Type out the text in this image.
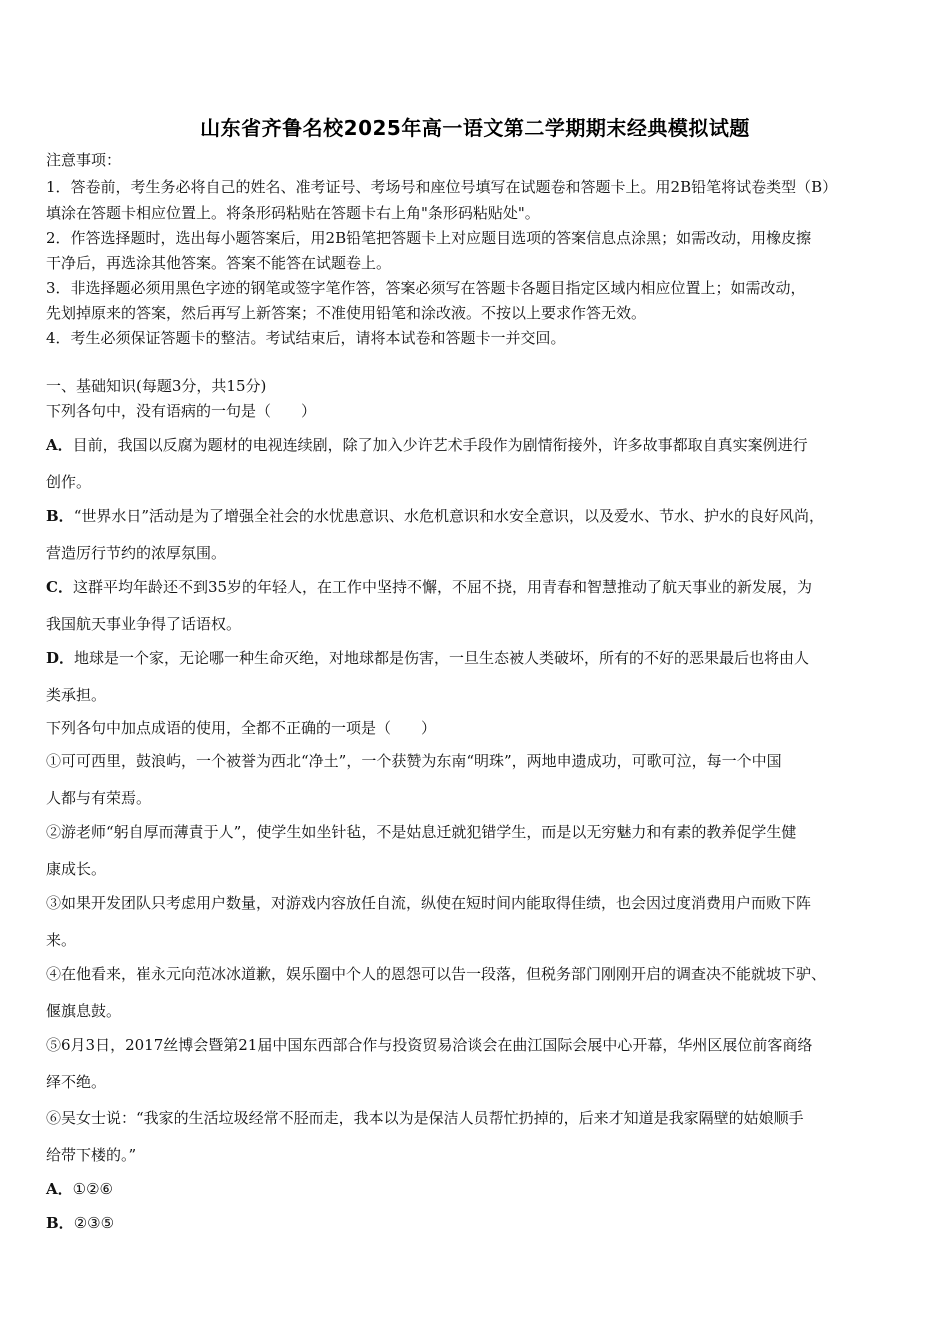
山东省齐鲁名校2025年高一语文第二学期期末经典模拟试题
注意事项：
1．答卷前，考生务必将自己的姓名、准考证号、考场号和座位号填写在试题卷和答题卡上。用2B铅笔将试卷类型（B）
填涂在答题卡相应位置上。将条形码粘贴在答题卡右上角"条形码粘贴处"。
2．作答选择题时，选出每小题答案后，用2B铅笔把答题卡上对应题目选项的答案信息点涂黑；如需改动，用橡皮擦
干净后，再选涂其他答案。答案不能答在试题卷上。
3．非选择题必须用黑色字迹的钢笔或签字笔作答，答案必须写在答题卡各题目指定区域内相应位置上；如需改动，
先划掉原来的答案，然后再写上新答案；不准使用铅笔和涂改液。不按以上要求作答无效。
4．考生必须保证答题卡的整洁。考试结束后，请将本试卷和答题卡一并交回。
一、基础知识(每题3分，共15分)
下列各句中，没有语病的一句是（　　）
A．目前，我国以反腐为题材的电视连续剧，除了加入少许艺术手段作为剧情衔接外，许多故事都取自真实案例进行
创作。
B．“世界水日”活动是为了增强全社会的水忧患意识、水危机意识和水安全意识，以及爱水、节水、护水的良好风尚，
营造厉行节约的浓厚氛围。
C．这群平均年龄还不到35岁的年轻人，在工作中坚持不懈，不屈不挠，用青春和智慧推动了航天事业的新发展，为
我国航天事业争得了话语权。
D．地球是一个家，无论哪一种生命灭绝，对地球都是伤害，一旦生态被人类破坏，所有的不好的恶果最后也将由人
类承担。
下列各句中加点成语的使用，全都不正确的一项是（　　）
①可可西里，鼓浪屿，一个被誉为西北“净土”，一个获赞为东南“明珠”，两地申遗成功，可歌可泣，每一个中国
人都与有荣焉。
②游老师“躬自厚而薄責于人”，使学生如坐针毡，不是姑息迁就犯错学生，而是以无穷魅力和有素的教养促学生健
康成长。
③如果开发团队只考虑用户数量，对游戏内容放任自流，纵使在短时间内能取得佳绩，也会因过度消费用户而败下阵
来。
④在他看来，崔永元向范冰冰道歉，娱乐圈中个人的恩怨可以告一段落，但税务部门刚刚开启的调查决不能就坡下驴、
偃旗息鼓。
⑤6月3日，2017丝博会暨第21届中国东西部合作与投资贸易洽谈会在曲江国际会展中心开幕，华州区展位前客商络
绎不绝。
⑥吴女士说：“我家的生活垃圾经常不胫而走，我本以为是保洁人员帮忙扔掉的，后来才知道是我家隔壁的姑娘顺手
给带下楼的。”
A．①②⑥
B．②③⑤
